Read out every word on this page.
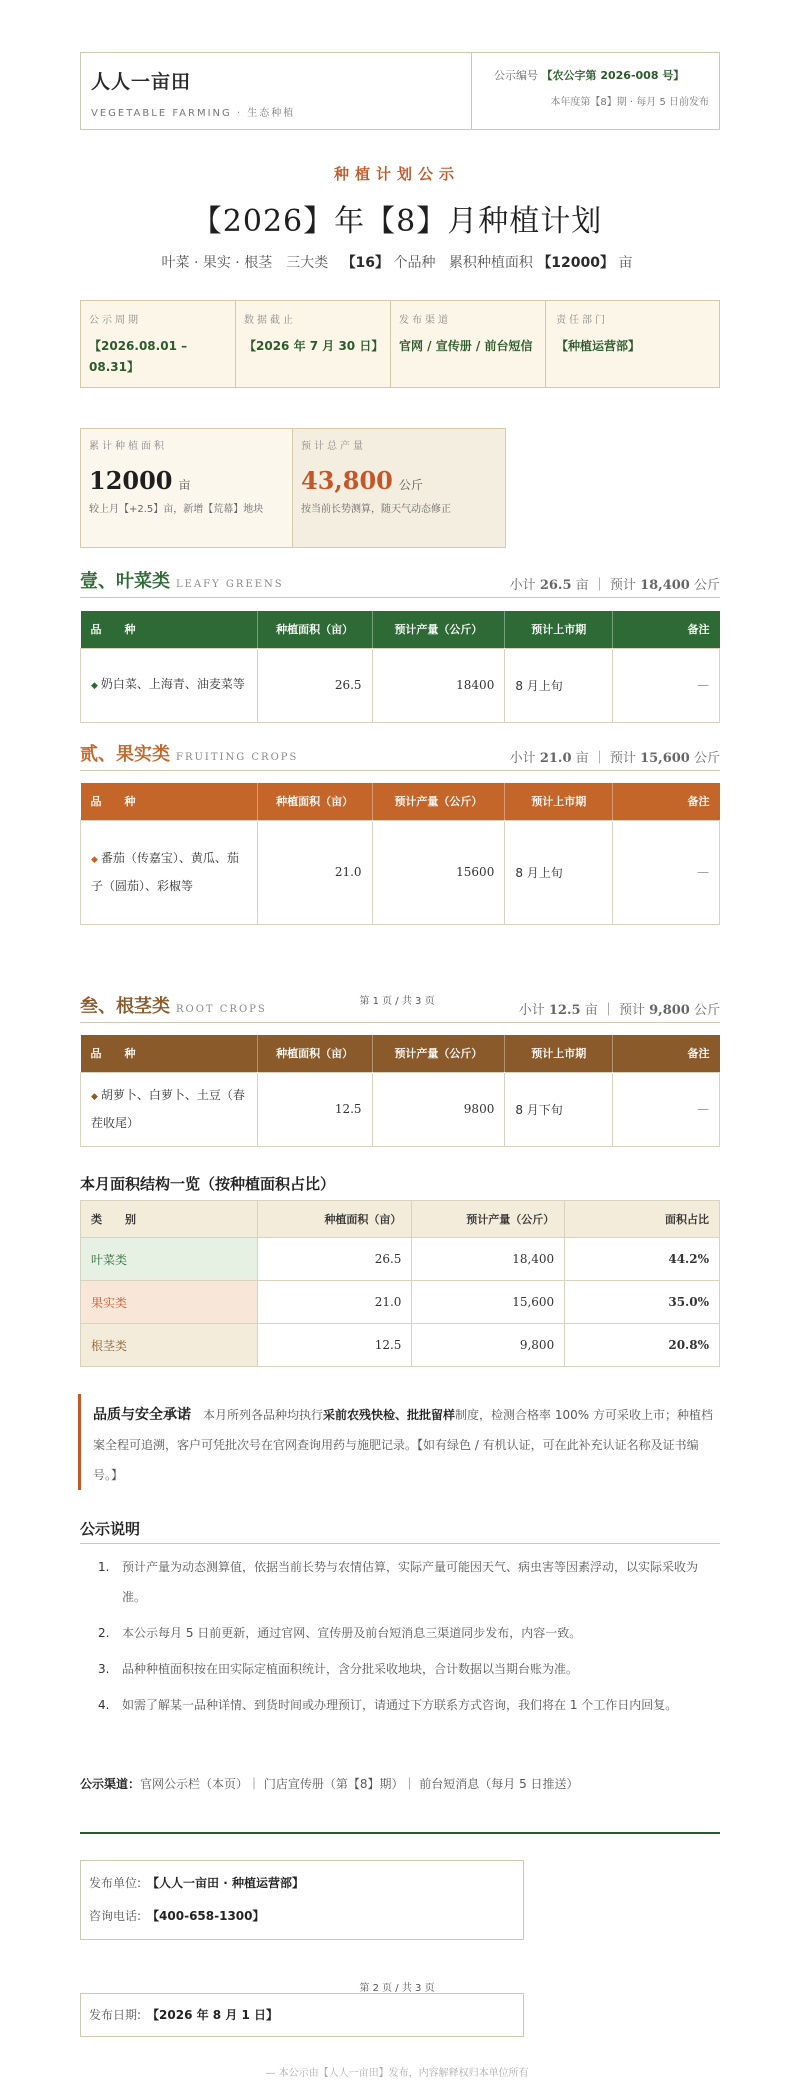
人人一亩田
VEGETABLE FARMING · 生态种植
公示编号 【农公字第 2026-008 号】
本年度第【8】期 · 每月 5 日前发布
种植计划公示
【2026】年【8】月种植计划
叶菜 · 果实 · 根茎　三大类 【16】 个品种 累积种植面积 【12000】 亩
公示周期
【2026.08.01 – 08.31】
数据截止
【2026 年 7 月 30 日】
发布渠道
官网 / 宣传册 / 前台短信
责任部门
【种植运营部】
累计种植面积
12000 亩
较上月【+2.5】亩，新增【荒幕】地块
预计总产量
43,800 公斤
按当前长势测算，随天气动态修正
壹、叶菜类 LEAFY GREENS	小计 26.5 亩 ｜ 预计 18,400 公斤
品　种	种植面积（亩）	预计产量（公斤）	预计上市期	备注
◆ 奶白菜、上海青、油麦菜等	26.5	18400	8 月上旬	—
贰、果实类 FRUITING CROPS	小计 21.0 亩 ｜ 预计 15,600 公斤
品　种	种植面积（亩）	预计产量（公斤）	预计上市期	备注
◆ 番茄（传嘉宝）、黄瓜、茄子（圆茄）、彩椒等	21.0	15600	8 月上旬	—
第 1 页 / 共 3 页
叁、根茎类 ROOT CROPS	小计 12.5 亩 ｜ 预计 9,800 公斤
品　种	种植面积（亩）	预计产量（公斤）	预计上市期	备注
◆ 胡萝卜、白萝卜、土豆（春茬收尾）	12.5	9800	8 月下旬	—
本月面积结构一览（按种植面积占比）
类　别	种植面积（亩）	预计产量（公斤）	面积占比
叶菜类	26.5	18,400	44.2%
果实类	21.0	15,600	35.0%
根茎类	12.5	9,800	20.8%
品质与安全承诺 本月所列各品种均执行采前农残快检、批批留样制度，检测合格率 100% 方可采收上市；种植档案全程可追溯，客户可凭批次号在官网查询用药与施肥记录。【如有绿色 / 有机认证，可在此补充认证名称及证书编号。】
公示说明
1.	预计产量为动态测算值，依据当前长势与农情估算，实际产量可能因天气、病虫害等因素浮动，以实际采收为准。
2.	本公示每月 5 日前更新，通过官网、宣传册及前台短消息三渠道同步发布，内容一致。
3.	品种种植面积按在田实际定植面积统计，含分批采收地块，合计数据以当期台账为准。
4.	如需了解某一品种详情、到货时间或办理预订，请通过下方联系方式咨询，我们将在 1 个工作日内回复。
公示渠道：官网公示栏（本页）｜ 门店宣传册（第【8】期）｜ 前台短消息（每月 5 日推送）
发布单位: 【人人一亩田 · 种植运营部】
咨询电话: 【400-658-1300】
第 2 页 / 共 3 页
发布日期: 【2026 年 8 月 1 日】
— 本公示由【人人一亩田】发布，内容解释权归本单位所有
